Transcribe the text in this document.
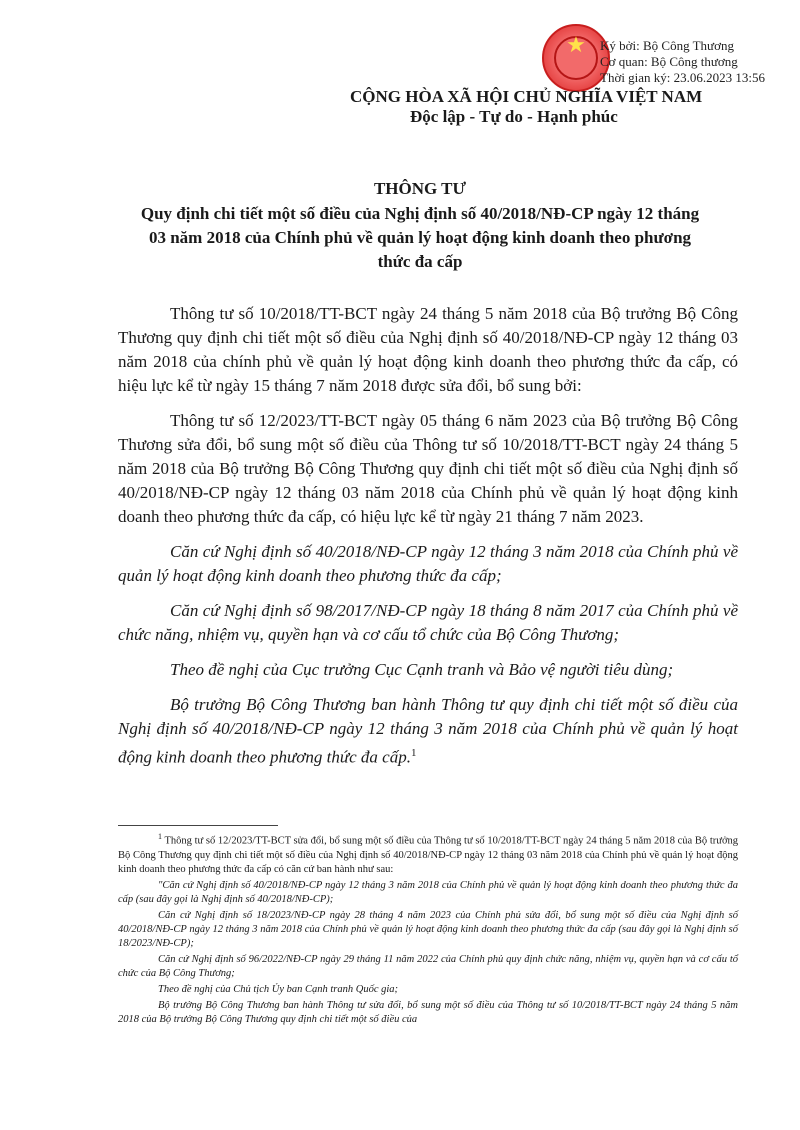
★	Ký bởi: Bộ Công Thương
Cơ quan: Bộ Công thương
Thời gian ký: 23.06.2023 13:56
CỘNG HÒA XÃ HỘI CHỦ NGHĨA VIỆT NAM
Độc lập - Tự do - Hạnh phúc
THÔNG TƯ
Quy định chi tiết một số điều của Nghị định số 40/2018/NĐ-CP ngày 12 tháng 03 năm 2018 của Chính phủ về quản lý hoạt động kinh doanh theo phương thức đa cấp

Thông tư số 10/2018/TT-BCT ngày 24 tháng 5 năm 2018 của Bộ trưởng Bộ Công Thương quy định chi tiết một số điều của Nghị định số 40/2018/NĐ-CP ngày 12 tháng 03 năm 2018 của chính phủ về quản lý hoạt động kinh doanh theo phương thức đa cấp, có hiệu lực kể từ ngày 15 tháng 7 năm 2018 được sửa đổi, bổ sung bởi:

Thông tư số 12/2023/TT-BCT ngày 05 tháng 6 năm 2023 của Bộ trưởng Bộ Công Thương sửa đổi, bổ sung một số điều của Thông tư số 10/2018/TT-BCT ngày 24 tháng 5 năm 2018 của Bộ trưởng Bộ Công Thương quy định chi tiết một số điều của Nghị định số 40/2018/NĐ-CP ngày 12 tháng 03 năm 2018 của Chính phủ về quản lý hoạt động kinh doanh theo phương thức đa cấp, có hiệu lực kể từ ngày 21 tháng 7 năm 2023.

Căn cứ Nghị định số 40/2018/NĐ-CP ngày 12 tháng 3 năm 2018 của Chính phủ về quản lý hoạt động kinh doanh theo phương thức đa cấp;

Căn cứ Nghị định số 98/2017/NĐ-CP ngày 18 tháng 8 năm 2017 của Chính phủ về chức năng, nhiệm vụ, quyền hạn và cơ cấu tổ chức của Bộ Công Thương;

Theo đề nghị của Cục trưởng Cục Cạnh tranh và Bảo vệ người tiêu dùng;

Bộ trưởng Bộ Công Thương ban hành Thông tư quy định chi tiết một số điều của Nghị định số 40/2018/NĐ-CP ngày 12 tháng 3 năm 2018 của Chính phủ về quản lý hoạt động kinh doanh theo phương thức đa cấp.$^1$

$^1$ Thông tư số 12/2023/TT-BCT sửa đổi, bổ sung một số điều của Thông tư số 10/2018/TT-BCT ngày 24 tháng 5 năm 2018 của Bộ trưởng Bộ Công Thương quy định chi tiết một số điều của Nghị định số 40/2018/NĐ-CP ngày 12 tháng 03 năm 2018 của Chính phủ về quản lý hoạt động kinh doanh theo phương thức đa cấp có căn cứ ban hành như sau:

"Căn cứ Nghị định số 40/2018/NĐ-CP ngày 12 tháng 3 năm 2018 của Chính phủ về quản lý hoạt động kinh doanh theo phương thức đa cấp (sau đây gọi là Nghị định số 40/2018/NĐ-CP);

Căn cứ Nghị định số 18/2023/NĐ-CP ngày 28 tháng 4 năm 2023 của Chính phủ sửa đổi, bổ sung một số điều của Nghị định số 40/2018/NĐ-CP ngày 12 tháng 3 năm 2018 của Chính phủ về quản lý hoạt động kinh doanh theo phương thức đa cấp (sau đây gọi là Nghị định số 18/2023/NĐ-CP);

Căn cứ Nghị định số 96/2022/NĐ-CP ngày 29 tháng 11 năm 2022 của Chính phủ quy định chức năng, nhiệm vụ, quyền hạn và cơ cấu tổ chức của Bộ Công Thương;

Theo đề nghị của Chủ tịch Ủy ban Cạnh tranh Quốc gia;

Bộ trưởng Bộ Công Thương ban hành Thông tư sửa đổi, bổ sung một số điều của Thông tư số 10/2018/TT-BCT ngày 24 tháng 5 năm 2018 của Bộ trưởng Bộ Công Thương quy định chi tiết một số điều của
